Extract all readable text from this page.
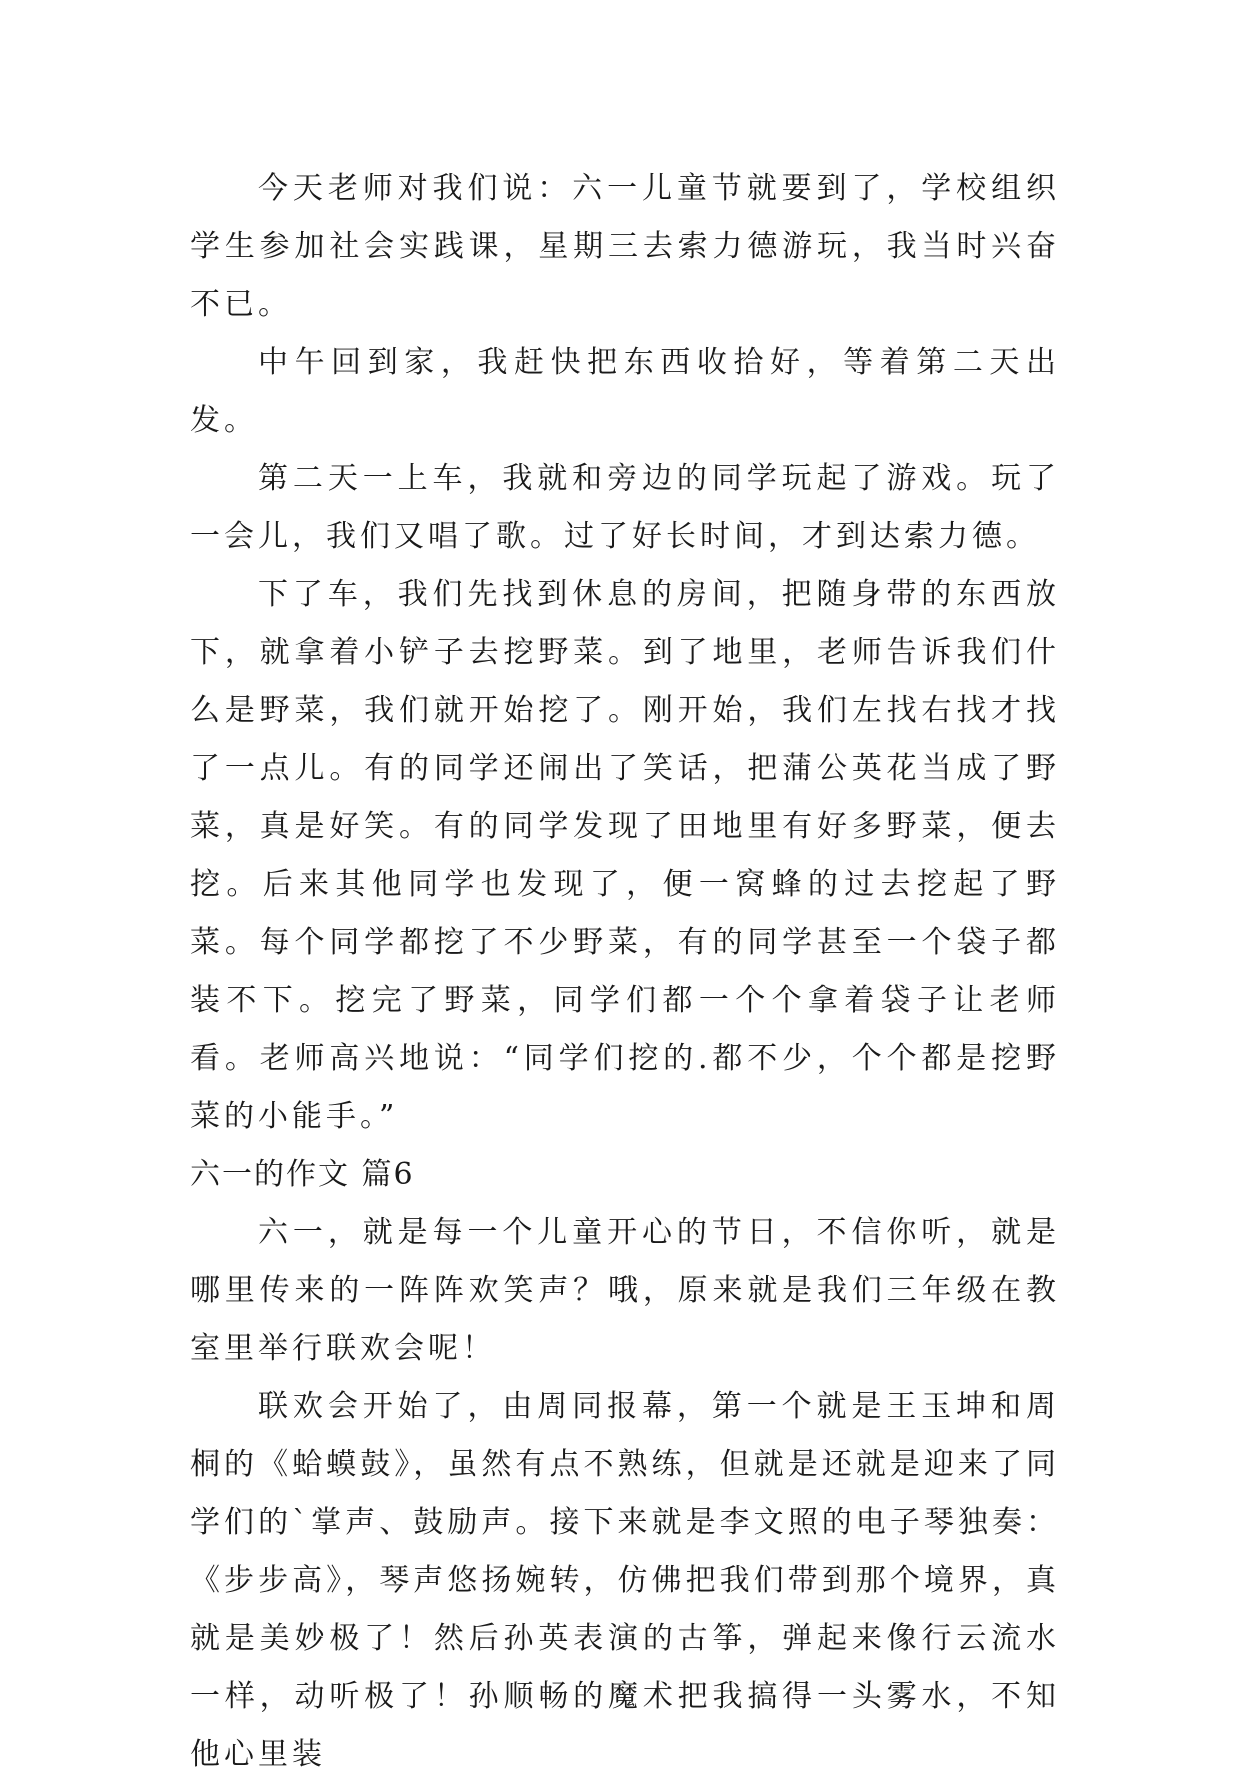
今天老师对我们说：六一儿童节就要到了，学校组织学生参加社会实践课，星期三去索力德游玩，我当时兴奋不已。

中午回到家，我赶快把东西收拾好，等着第二天出发。

第二天一上车，我就和旁边的同学玩起了游戏。玩了一会儿，我们又唱了歌。过了好长时间，才到达索力德。

下了车，我们先找到休息的房间，把随身带的东西放下，就拿着小铲子去挖野菜。到了地里，老师告诉我们什么是野菜，我们就开始挖了。刚开始，我们左找右找才找了一点儿。有的同学还闹出了笑话，把蒲公英花当成了野菜，真是好笑。有的同学发现了田地里有好多野菜，便去挖。后来其他同学也发现了，便一窝蜂的过去挖起了野菜。每个同学都挖了不少野菜，有的同学甚至一个袋子都装不下。挖完了野菜，同学们都一个个拿着袋子让老师看。老师高兴地说：“同学们挖的.都不少，个个都是挖野菜的小能手。”

六一的作文 篇6

六一，就是每一个儿童开心的节日，不信你听，就是哪里传来的一阵阵欢笑声？哦，原来就是我们三年级在教室里举行联欢会呢！

联欢会开始了，由周同报幕，第一个就是王玉坤和周桐的《蛤蟆鼓》，虽然有点不熟练，但就是还就是迎来了同学们的`掌声、鼓励声。接下来就是李文照的电子琴独奏：《步步高》，琴声悠扬婉转，仿佛把我们带到那个境界，真就是美妙极了！然后孙英表演的古筝，弹起来像行云流水一样，动听极了！孙顺畅的魔术把我搞得一头雾水，不知他心里装
